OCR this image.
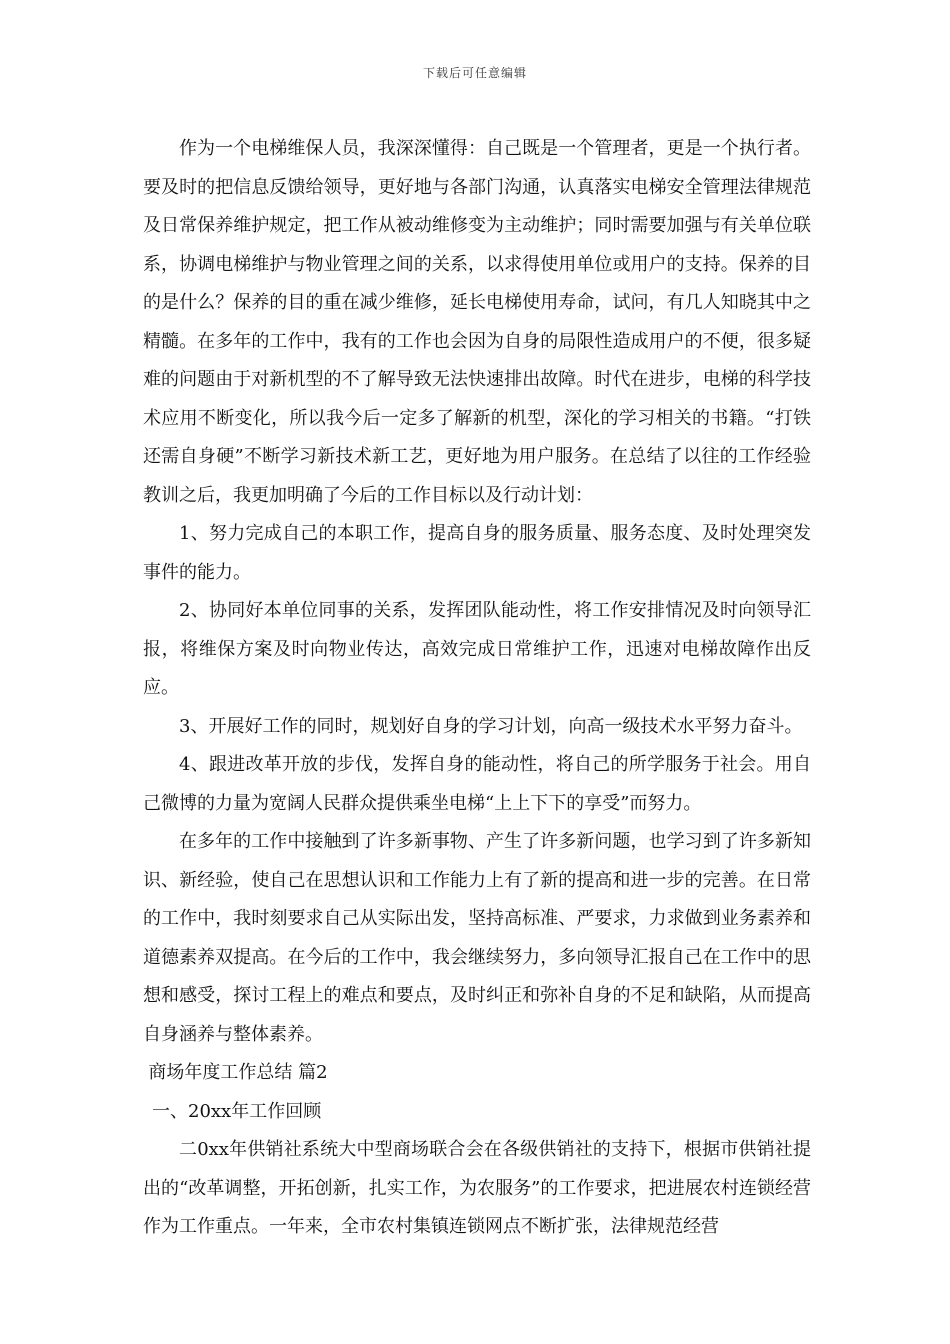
下载后可任意编辑

作为一个电梯维保人员，我深深懂得：自己既是一个管理者，更是一个执行者。要及时的把信息反馈给领导，更好地与各部门沟通，认真落实电梯安全管理法律规范及日常保养维护规定，把工作从被动维修变为主动维护；同时需要加强与有关单位联系，协调电梯维护与物业管理之间的关系，以求得使用单位或用户的支持。保养的目的是什么？保养的目的重在减少维修，延长电梯使用寿命，试问，有几人知晓其中之精髓。在多年的工作中，我有的工作也会因为自身的局限性造成用户的不便，很多疑难的问题由于对新机型的不了解导致无法快速排出故障。时代在进步，电梯的科学技术应用不断变化，所以我今后一定多了解新的机型，深化的学习相关的书籍。“打铁还需自身硬”不断学习新技术新工艺，更好地为用户服务。在总结了以往的工作经验教训之后，我更加明确了今后的工作目标以及行动计划：

1、努力完成自己的本职工作，提高自身的服务质量、服务态度、及时处理突发事件的能力。

2、协同好本单位同事的关系，发挥团队能动性，将工作安排情况及时向领导汇报，将维保方案及时向物业传达，高效完成日常维护工作，迅速对电梯故障作出反应。

3、开展好工作的同时，规划好自身的学习计划，向高一级技术水平努力奋斗。

4、跟进改革开放的步伐，发挥自身的能动性，将自己的所学服务于社会。用自己微博的力量为宽阔人民群众提供乘坐电梯“上上下下的享受”而努力。

在多年的工作中接触到了许多新事物、产生了许多新问题，也学习到了许多新知识、新经验，使自己在思想认识和工作能力上有了新的提高和进一步的完善。在日常的工作中，我时刻要求自己从实际出发，坚持高标准、严要求，力求做到业务素养和道德素养双提高。在今后的工作中，我会继续努力，多向领导汇报自己在工作中的思想和感受，探讨工程上的难点和要点，及时纠正和弥补自身的不足和缺陷，从而提高自身涵养与整体素养。

商场年度工作总结 篇2

一、20xx年工作回顾

二0xx年供销社系统大中型商场联合会在各级供销社的支持下，根据市供销社提出的“改革调整，开拓创新，扎实工作，为农服务”的工作要求，把进展农村连锁经营作为工作重点。一年来，全市农村集镇连锁网点不断扩张，法律规范经营
